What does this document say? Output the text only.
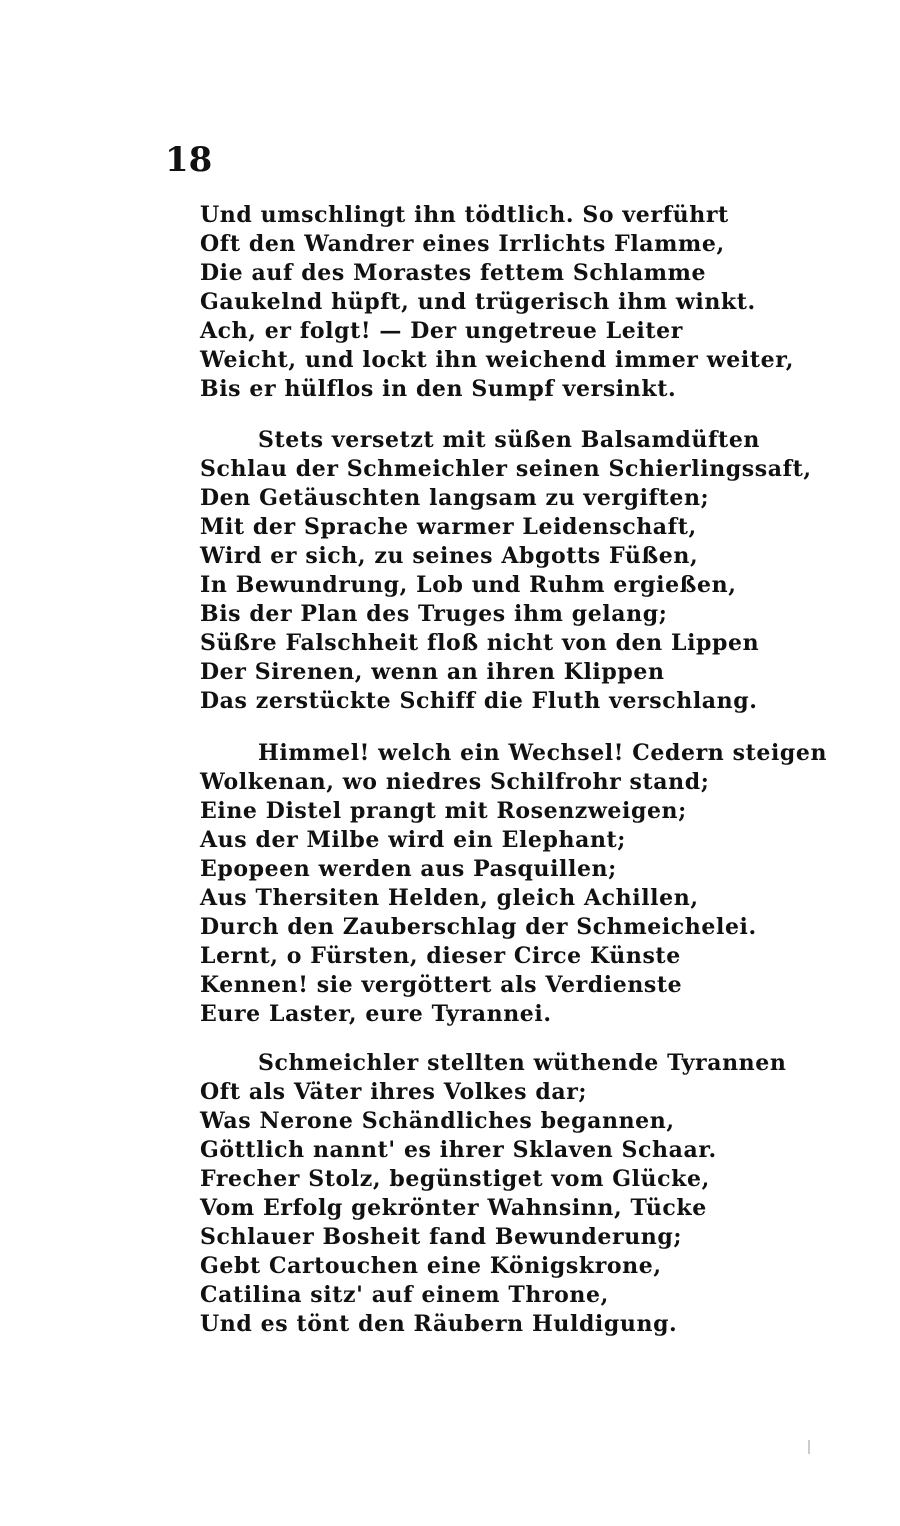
18
Und umschlingt ihn tödtlich. So verführt
Oft den Wandrer eines Irrlichts Flamme,
Die auf des Morastes fettem Schlamme
Gaukelnd hüpft, und trügerisch ihm winkt.
Ach, er folgt! — Der ungetreue Leiter
Weicht, und lockt ihn weichend immer weiter,
Bis er hülflos in den Sumpf versinkt.
Stets versetzt mit süßen Balsamdüften
Schlau der Schmeichler seinen Schierlingssaft,
Den Getäuschten langsam zu vergiften;
Mit der Sprache warmer Leidenschaft,
Wird er sich, zu seines Abgotts Füßen,
In Bewundrung, Lob und Ruhm ergießen,
Bis der Plan des Truges ihm gelang;
Süßre Falschheit floß nicht von den Lippen
Der Sirenen, wenn an ihren Klippen
Das zerstückte Schiff die Fluth verschlang.
Himmel! welch ein Wechsel! Cedern steigen
Wolkenan, wo niedres Schilfrohr stand;
Eine Distel prangt mit Rosenzweigen;
Aus der Milbe wird ein Elephant;
Epopeen werden aus Pasquillen;
Aus Thersiten Helden, gleich Achillen,
Durch den Zauberschlag der Schmeichelei.
Lernt, o Fürsten, dieser Circe Künste
Kennen! sie vergöttert als Verdienste
Eure Laster, eure Tyrannei.
Schmeichler stellten wüthende Tyrannen
Oft als Väter ihres Volkes dar;
Was Nerone Schändliches begannen,
Göttlich nannt' es ihrer Sklaven Schaar.
Frecher Stolz, begünstiget vom Glücke,
Vom Erfolg gekrönter Wahnsinn, Tücke
Schlauer Bosheit fand Bewunderung;
Gebt Cartouchen eine Königskrone,
Catilina sitz' auf einem Throne,
Und es tönt den Räubern Huldigung.
